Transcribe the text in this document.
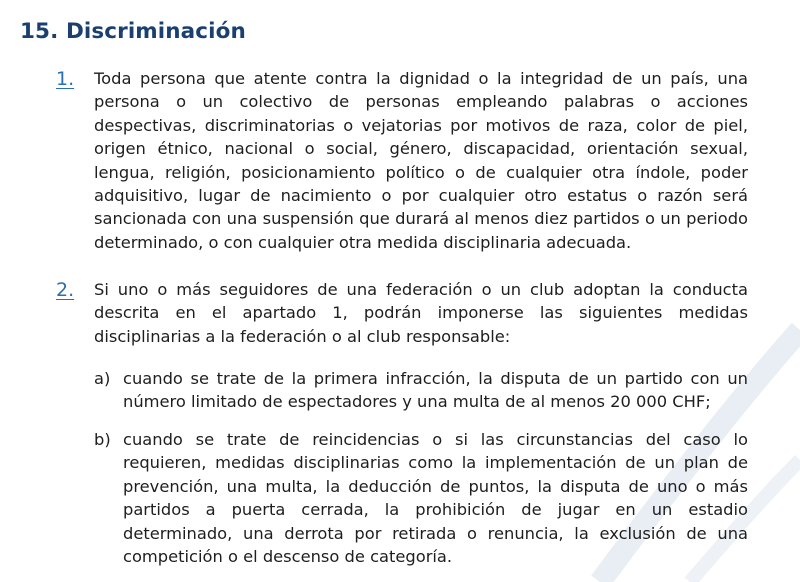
15. Discriminación
1. Toda persona que atente contra la dignidad o la integridad de un país, una persona o un colectivo de personas empleando palabras o acciones despectivas, discriminatorias o vejatorias por motivos de raza, color de piel, origen étnico, nacional o social, género, discapacidad, orientación sexual, lengua, religión, posicionamiento político o de cualquier otra índole, poder adquisitivo, lugar de nacimiento o por cualquier otro estatus o razón será sancionada con una suspensión que durará al menos diez partidos o un periodo determinado, o con cualquier otra medida disciplinaria adecuada.

2. Si uno o más seguidores de una federación o un club adoptan la conducta descrita en el apartado 1, podrán imponerse las siguientes medidas disciplinarias a la federación o al club responsable:

a) cuando se trate de la primera infracción, la disputa de un partido con un número limitado de espectadores y una multa de al menos 20 000 CHF;

b) cuando se trate de reincidencias o si las circunstancias del caso lo requieren, medidas disciplinarias como la implementación de un plan de prevención, una multa, la deducción de puntos, la disputa de uno o más partidos a puerta cerrada, la prohibición de jugar en un estadio determinado, una derrota por retirada o renuncia, la exclusión de una competición o el descenso de categoría.
